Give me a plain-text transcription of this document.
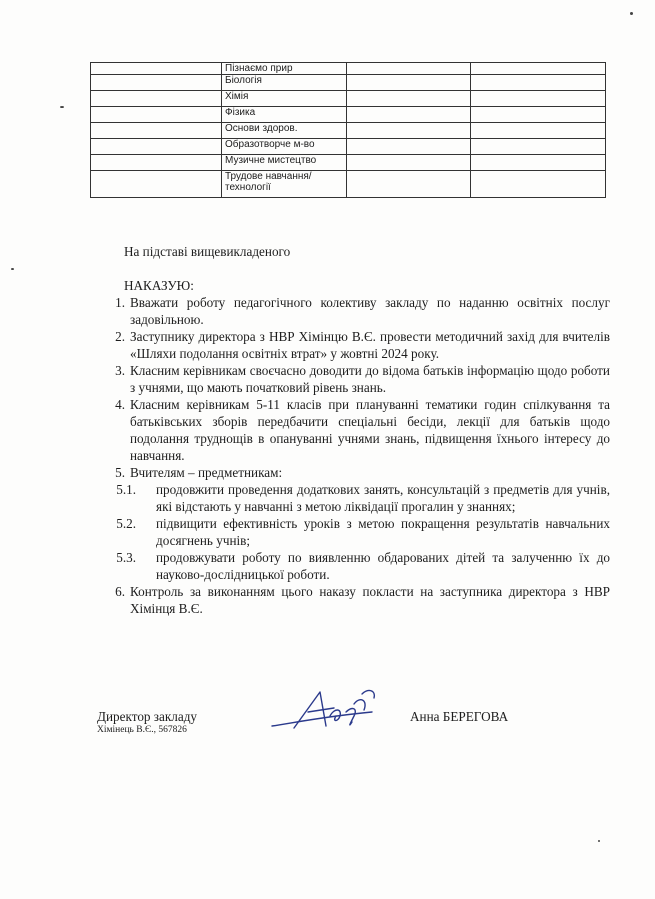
	Пізнаємо прир		
	Біологія		
	Хімія		
	Фізика		
	Основи здоров.		
	Образотворче м-во		
	Музичне мистецтво		
	Трудове навчання/технології		
На підставі вищевикладеного
НАКАЗУЮ:
1. Вважати роботу педагогічного колективу закладу по наданню освітніх послуг задовільною.
2. Заступнику директора з НВР Хімінцю В.Є. провести методичний захід для вчителів «Шляхи подолання освітніх втрат» у жовтні 2024 року.
3. Класним керівникам своєчасно доводити до відома батьків інформацію щодо роботи з учнями, що мають початковий рівень знань.
4. Класним керівникам 5-11 класів при плануванні тематики годин спілкування та батьківських зборів передбачити спеціальні бесіди, лекції для батьків щодо подолання труднощів в опануванні учнями знань, підвищення їхнього інтересу до навчання.
5. Вчителям – предметникам:
5.1. продовжити проведення додаткових занять, консультацій з предметів для учнів, які відстають у навчанні з метою ліквідації прогалин у знаннях;
5.2. підвищити ефективність уроків з метою покращення результатів навчальних досягнень учнів;
5.3. продовжувати роботу по виявленню обдарованих дітей та залученню їх до науково-дослідницької роботи.
6. Контроль за виконанням цього наказу покласти на заступника директора з НВР Хімінця В.Є.
Директор закладу
Хімінець В.Є., 567826
Анна БЕРЕГОВА
